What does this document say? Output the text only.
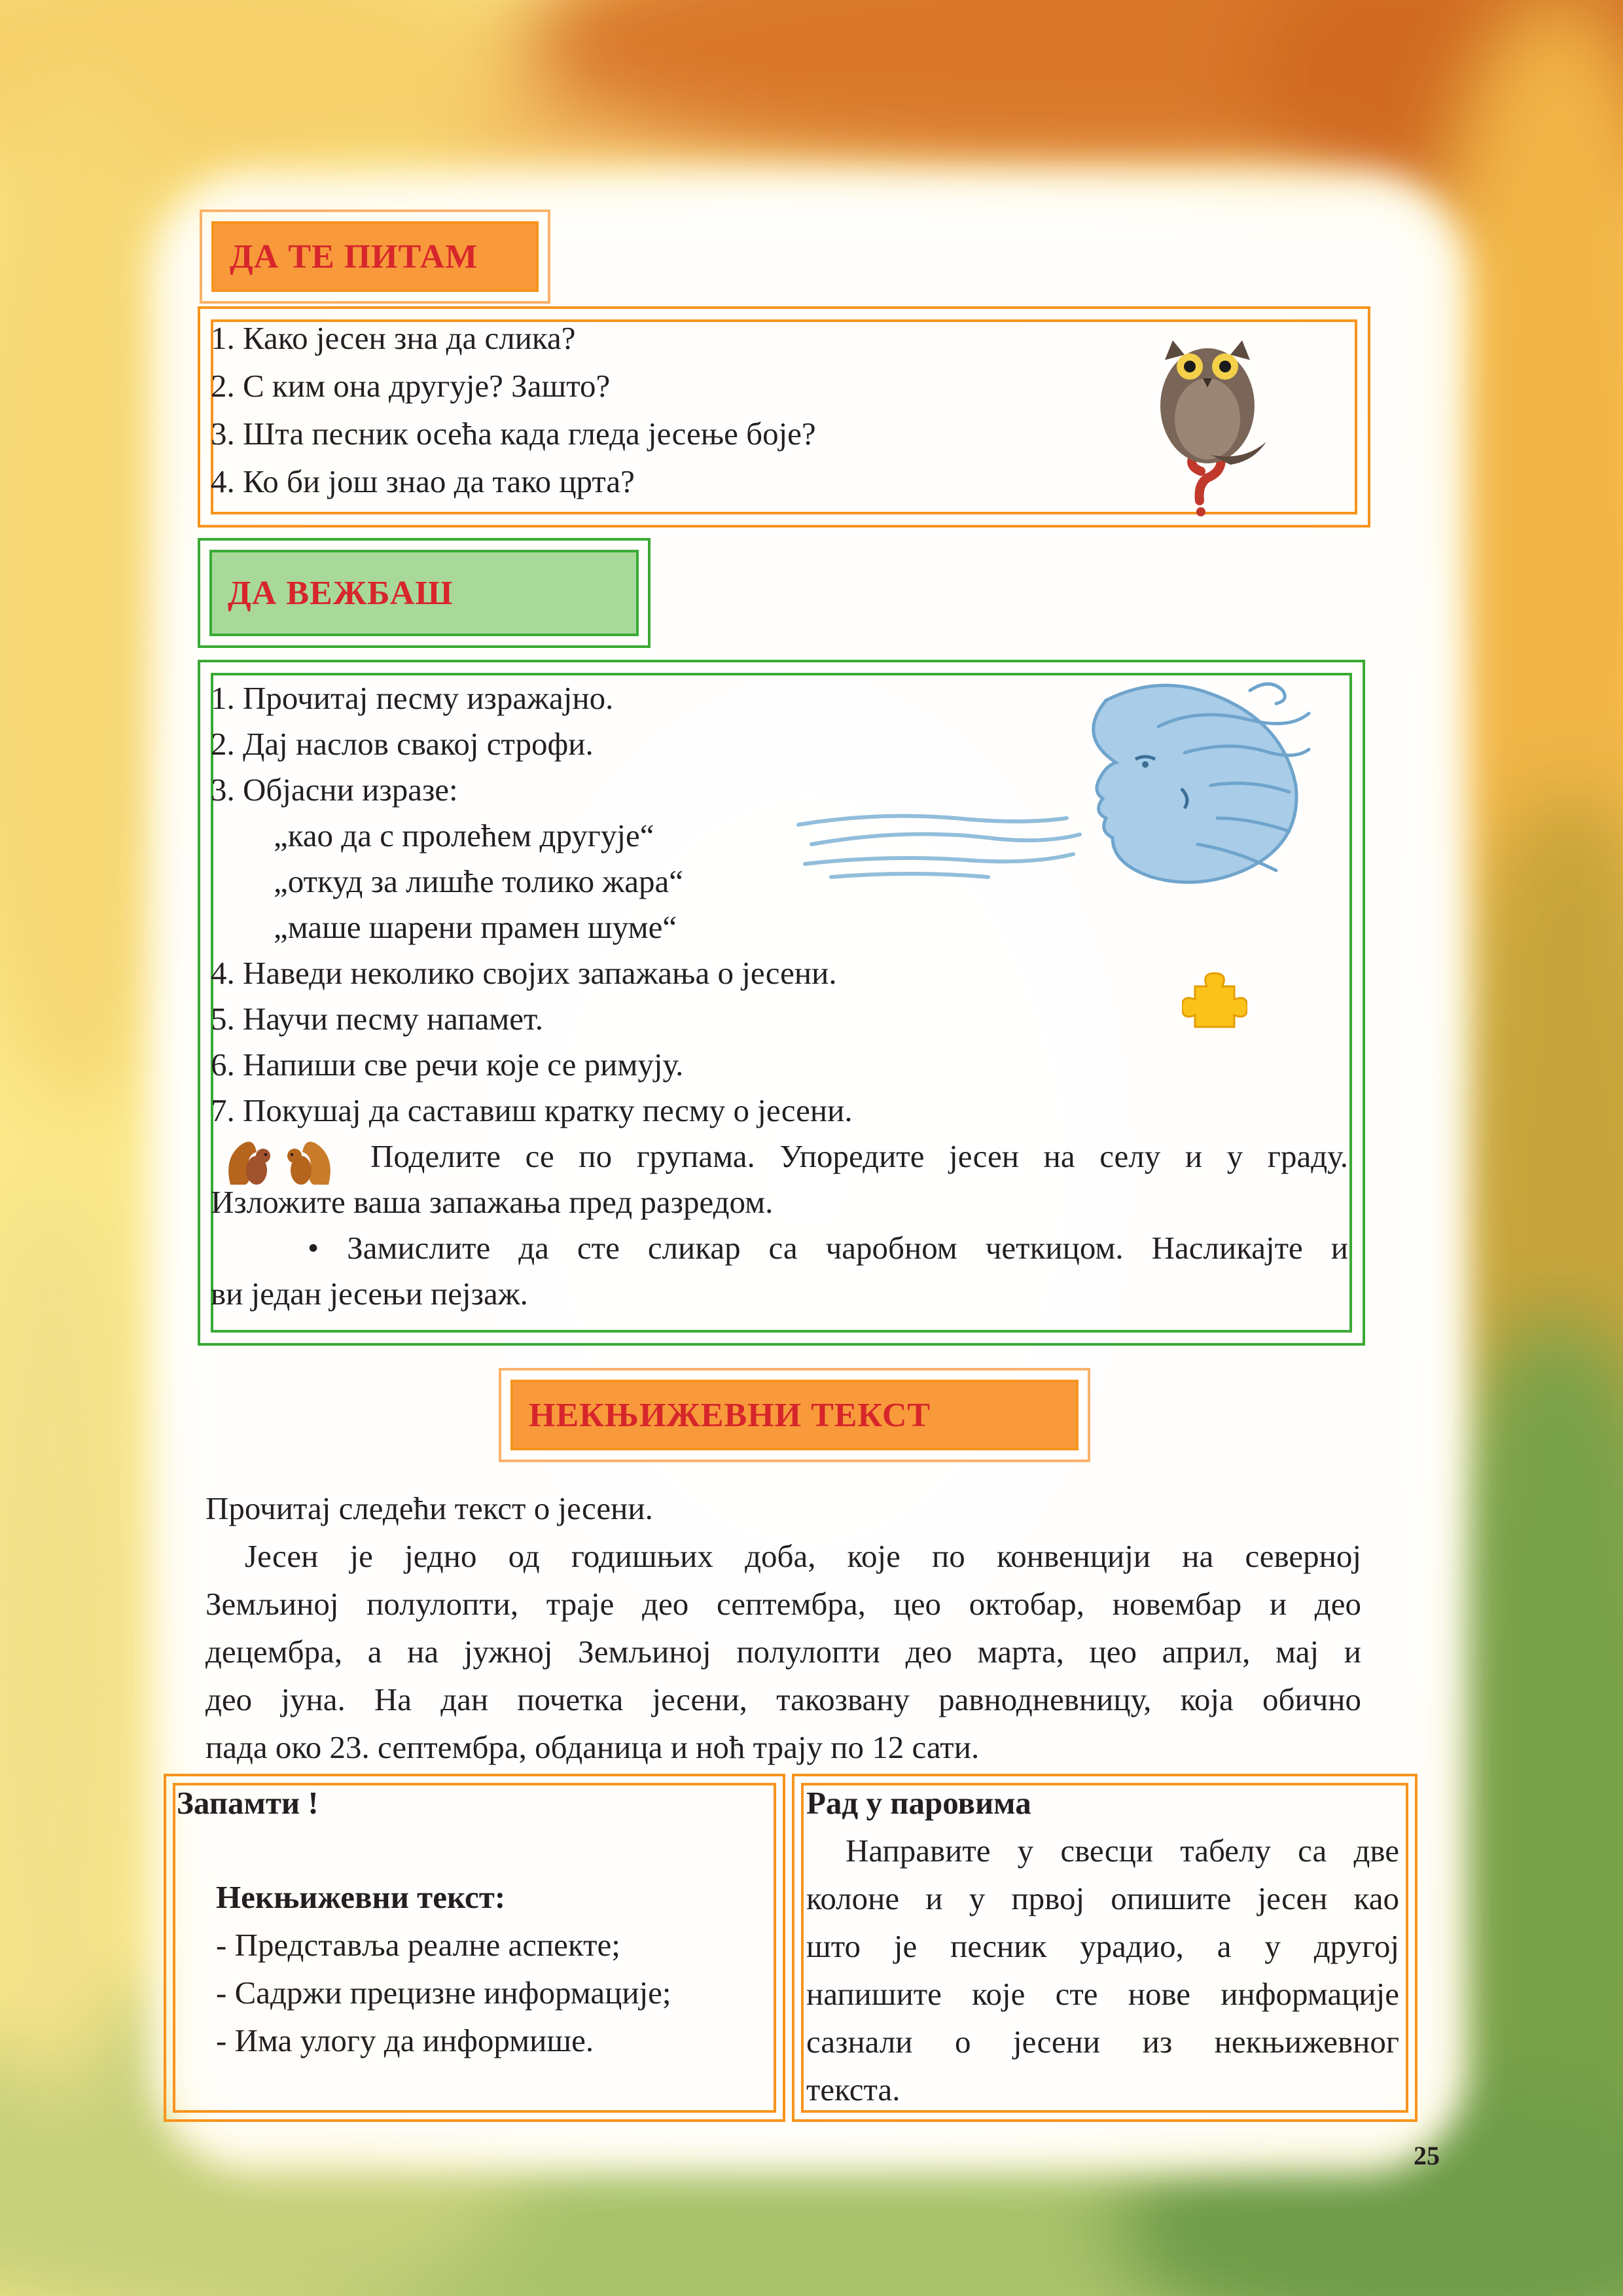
ДА ТЕ ПИТАМ
1. Како јесен зна да слика?
2. С ким она другује? Зашто?
3. Шта песник осећа када гледа јесење боје?
4. Ко би још знао да тако црта?
ДА ВЕЖБАШ
1. Прочитај песму изражајно.
2. Дај наслов свакој строфи.
3. Објасни изразе:
„као да с пролећем другује“
„откуд за лишће толико жара“
„маше шарени прамен шуме“
4. Наведи неколико својих запажања о јесени.
5. Научи песму напамет.
6. Напиши све речи које се римују.
7. Покушај да саставиш кратку песму о јесени.
Поделите се по групама. Упоредите јесен на селу и у граду.
Изложите ваша запажања пред разредом.
• Замислите да сте сликар са чаробном четкицом. Насликајте и
ви један јесењи пејзаж.
НЕКЊИЖЕВНИ ТЕКСТ
Прочитај следећи текст о јесени.
Јесен је једно од годишњих доба, које по конвенцији на северној
Земљиној полулопти, траје део септембра, цео октобар, новембар и део
децембра, а на јужној Земљиној полулопти део марта, цео април, мај и
део јуна. На дан почетка јесени, такозвану равнодневницу, која обично
пада око 23. септембра, обданица и ноћ трају по 12 сати.
Запамти !
Некњижевни текст:
- Представља реалне аспекте;
- Садржи прецизне информације;
- Има улогу да информише.
Рад у паровима
Направите у свесци табелу са две
колоне и у првој опишите јесен као
што је песник урадио, а у другој
напишите које сте нове информације
сазнали о јесени из некњижевног
текста.
25
